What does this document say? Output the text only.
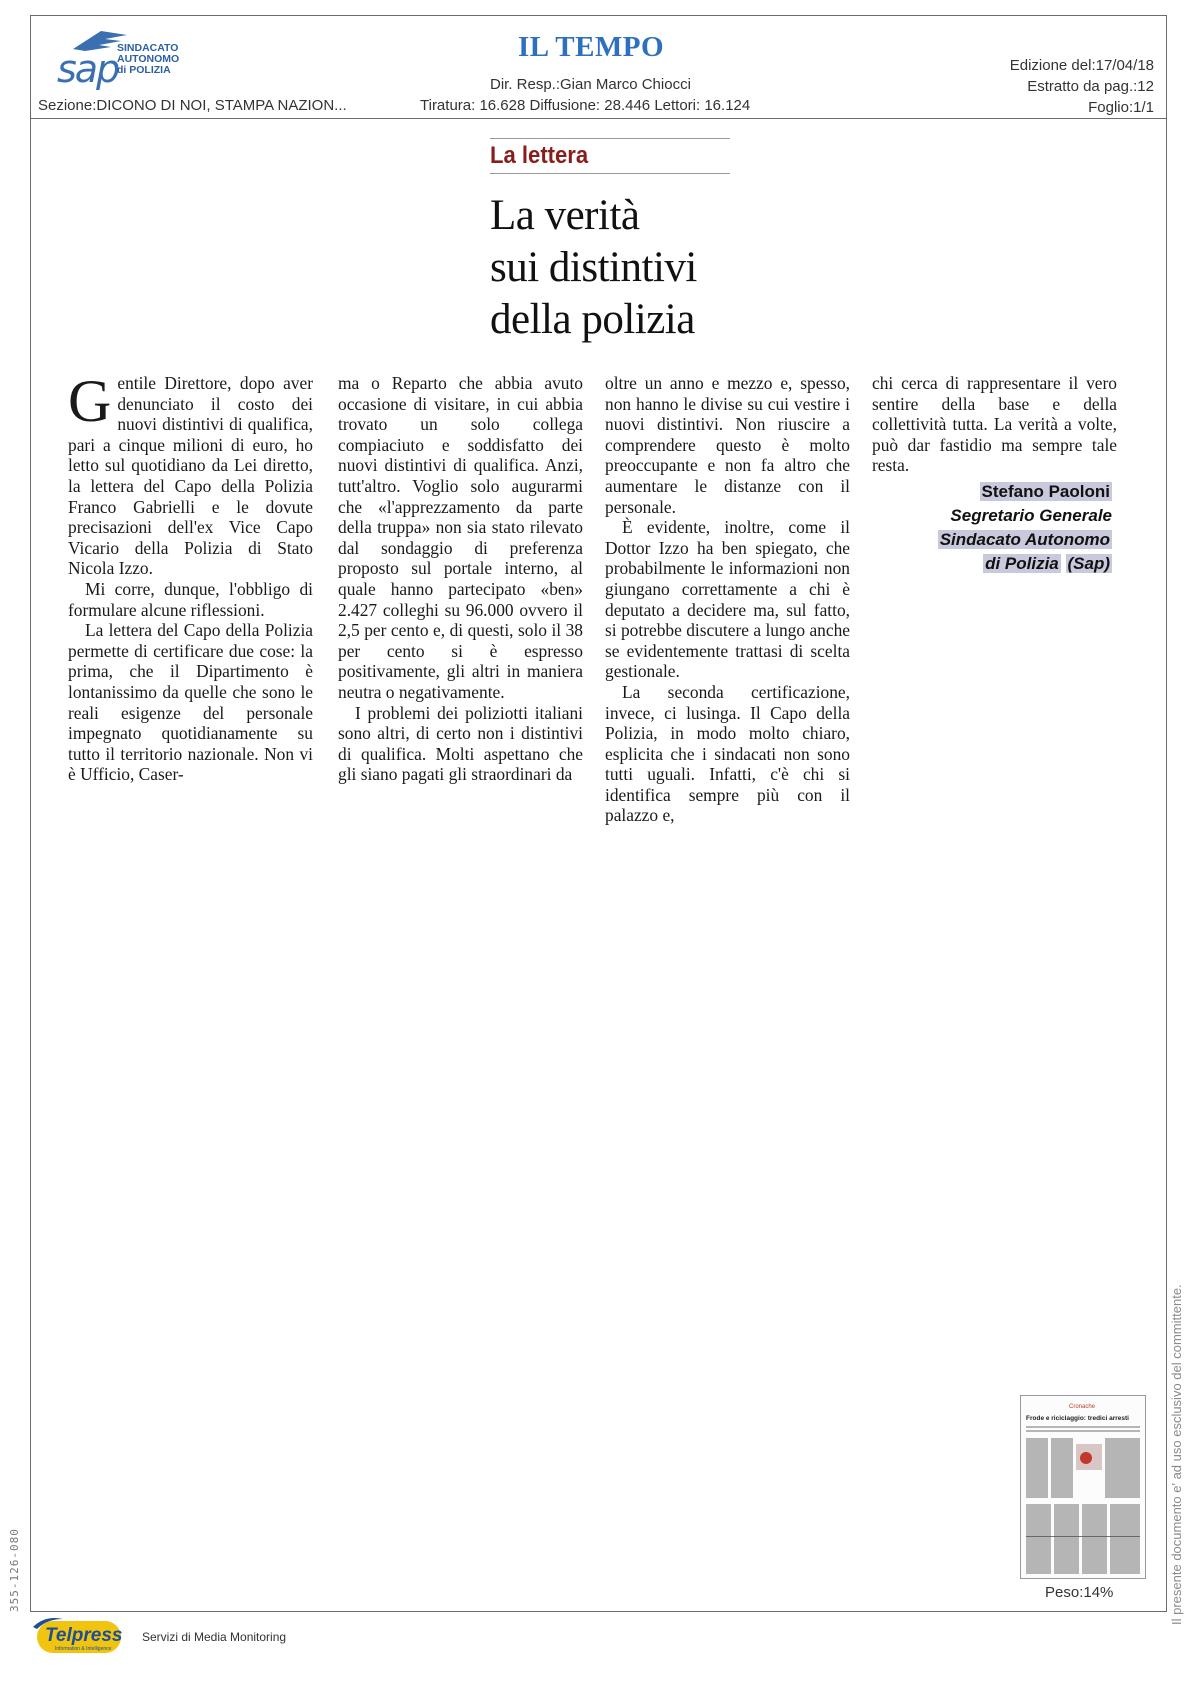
sap
SINDACATO
AUTONOMO
di POLIZIA
IL TEMPO
Dir. Resp.:Gian Marco Chiocci
Sezione:DICONO DI NOI, STAMPA NAZION...	Tiratura: 16.628 Diffusione: 28.446 Lettori: 16.124
Edizione del:17/04/18
Estratto da pag.:12
Foglio:1/1
La lettera
La verità
sui distintivi
della polizia

Gentile Direttore, dopo aver denunciato il costo dei nuovi distintivi di qualifica, pari a cinque milioni di euro, ho letto sul quotidiano da Lei diretto, la lettera del Capo della Polizia Franco Gabrielli e le dovute precisazioni dell'ex Vice Capo Vicario della Polizia di Stato Nicola Izzo.

Mi corre, dunque, l'obbligo di formulare alcune riflessioni.

La lettera del Capo della Polizia permette di certificare due cose: la prima, che il Dipartimento è lontanissimo da quelle che sono le reali esigenze del personale impegnato quotidianamente su tutto il territorio nazionale. Non vi è Ufficio, Caser-

ma o Reparto che abbia avuto occasione di visitare, in cui abbia trovato un solo collega compiaciuto e soddisfatto dei nuovi distintivi di qualifica. Anzi, tutt'altro. Voglio solo augurarmi che «l'apprezzamento da parte della truppa» non sia stato rilevato dal sondaggio di preferenza proposto sul portale interno, al quale hanno partecipato «ben» 2.427 colleghi su 96.000 ovvero il 2,5 per cento e, di questi, solo il 38 per cento si è espresso positivamente, gli altri in maniera neutra o negativamente.

I problemi dei poliziotti italiani sono altri, di certo non i distintivi di qualifica. Molti aspettano che gli siano pagati gli straordinari da

oltre un anno e mezzo e, spesso, non hanno le divise su cui vestire i nuovi distintivi. Non riuscire a comprendere questo è molto preoccupante e non fa altro che aumentare le distanze con il personale.

È evidente, inoltre, come il Dottor Izzo ha ben spiegato, che probabilmente le informazioni non giungano correttamente a chi è deputato a decidere ma, sul fatto, si potrebbe discutere a lungo anche se evidentemente trattasi di scelta gestionale.

La seconda certificazione, invece, ci lusinga. Il Capo della Polizia, in modo molto chiaro, esplicita che i sindacati non sono tutti uguali. Infatti, c'è chi si identifica sempre più con il palazzo e,

chi cerca di rappresentare il vero sentire della base e della collettività tutta. La verità a volte, può dar fastidio ma sempre tale resta.

Stefano Paoloni
Segretario Generale
Sindacato Autonomo
di Polizia (Sap)
Il presente documento e' ad uso esclusivo del committente.
355-126-080
Cronache
Frode e riciclaggio: tredici arresti
Peso:14%
Telpress
Information & Intelligence
Servizi di Media Monitoring
